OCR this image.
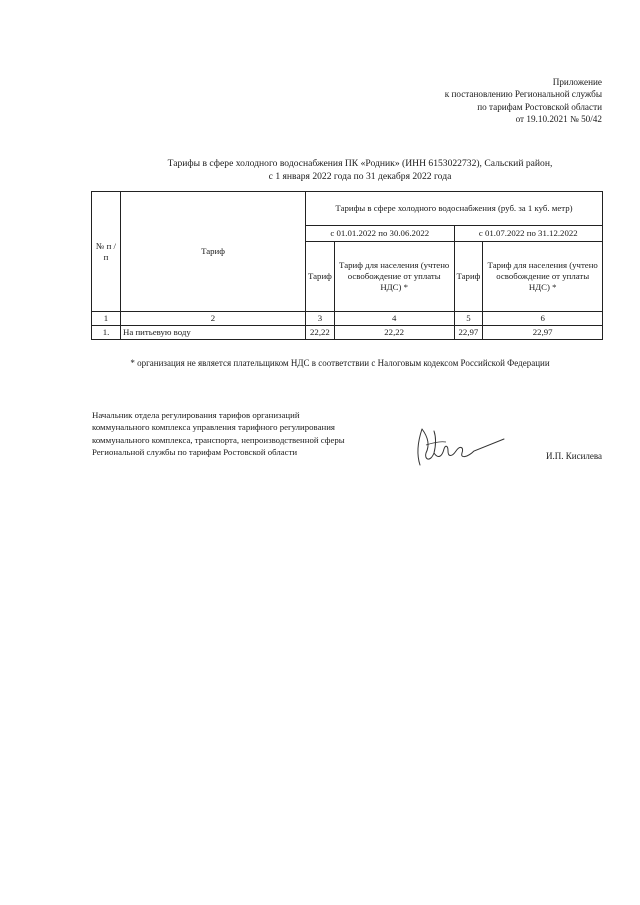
Приложение
к постановлению Региональной службы
по тарифам Ростовской области
от 19.10.2021 № 50/42
Тарифы в сфере холодного водоснабжения ПК «Родник» (ИНН 6153022732), Сальский район,
с 1 января 2022 года по 31 декабря 2022 года
№ п /п	Тариф	Тарифы в сфере холодного водоснабжения (руб. за 1 куб. метр)			
		с 01.01.2022 по 30.06.2022		с 01.07.2022 по 31.12.2022	
		Тариф	Тариф для населения (учтено освобождение от уплаты НДС) *	Тариф	Тариф для населения (учтено освобождение от уплаты НДС) *
1	2	3	4	5	6
1.	На питьевую воду	22,22	22,22	22,97	22,97
* организация не является плательщиком НДС в соответствии с Налоговым кодексом Российской Федерации
Начальник отдела регулирования тарифов организаций
коммунального комплекса управления тарифного регулирования
коммунального комплекса, транспорта, непроизводственной сферы
Региональной службы по тарифам Ростовской области	И.П. Кисилева
